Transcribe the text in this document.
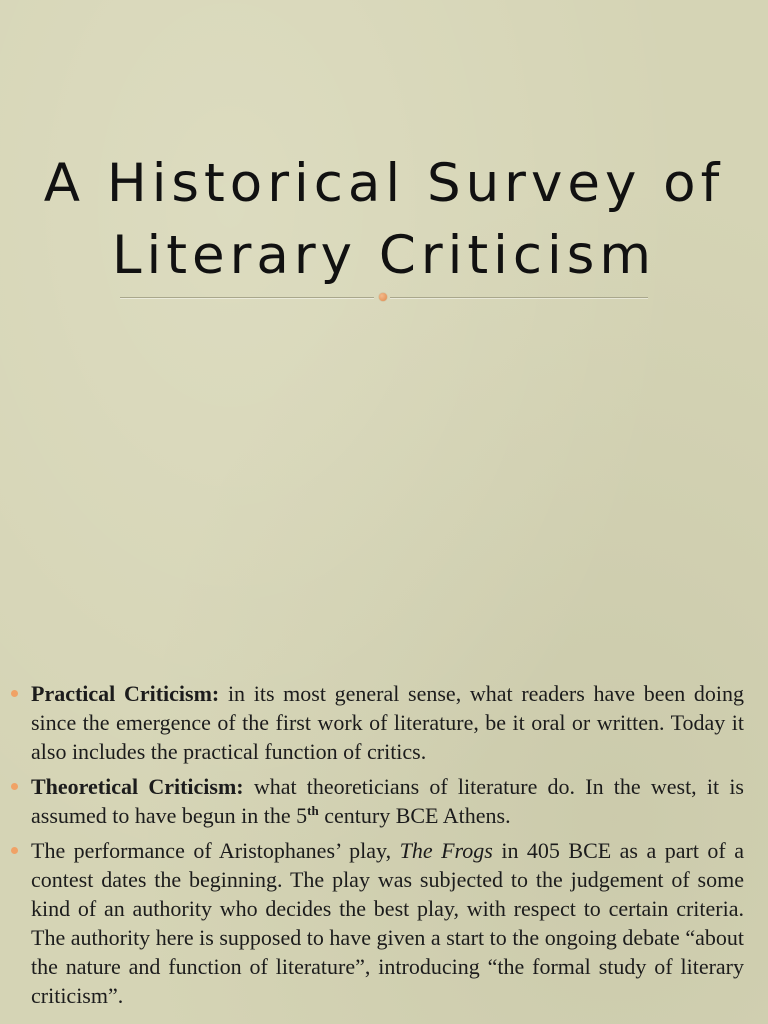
A Historical Survey of
Literary Criticism
Practical Criticism: in its most general sense, what readers have been doing since the emergence of the first work of literature, be it oral or written. Today it also includes the practical function of critics.
Theoretical Criticism: what theoreticians of literature do. In the west, it is assumed to have begun in the 5th century BCE Athens.
The performance of Aristophanes’ play, The Frogs in 405 BCE as a part of a contest dates the beginning. The play was subjected to the judgement of some kind of an authority who decides the best play, with respect to certain criteria. The authority here is supposed to have given a start to the ongoing debate “about the nature and function of literature”, introducing “the formal study of literary criticism”.
